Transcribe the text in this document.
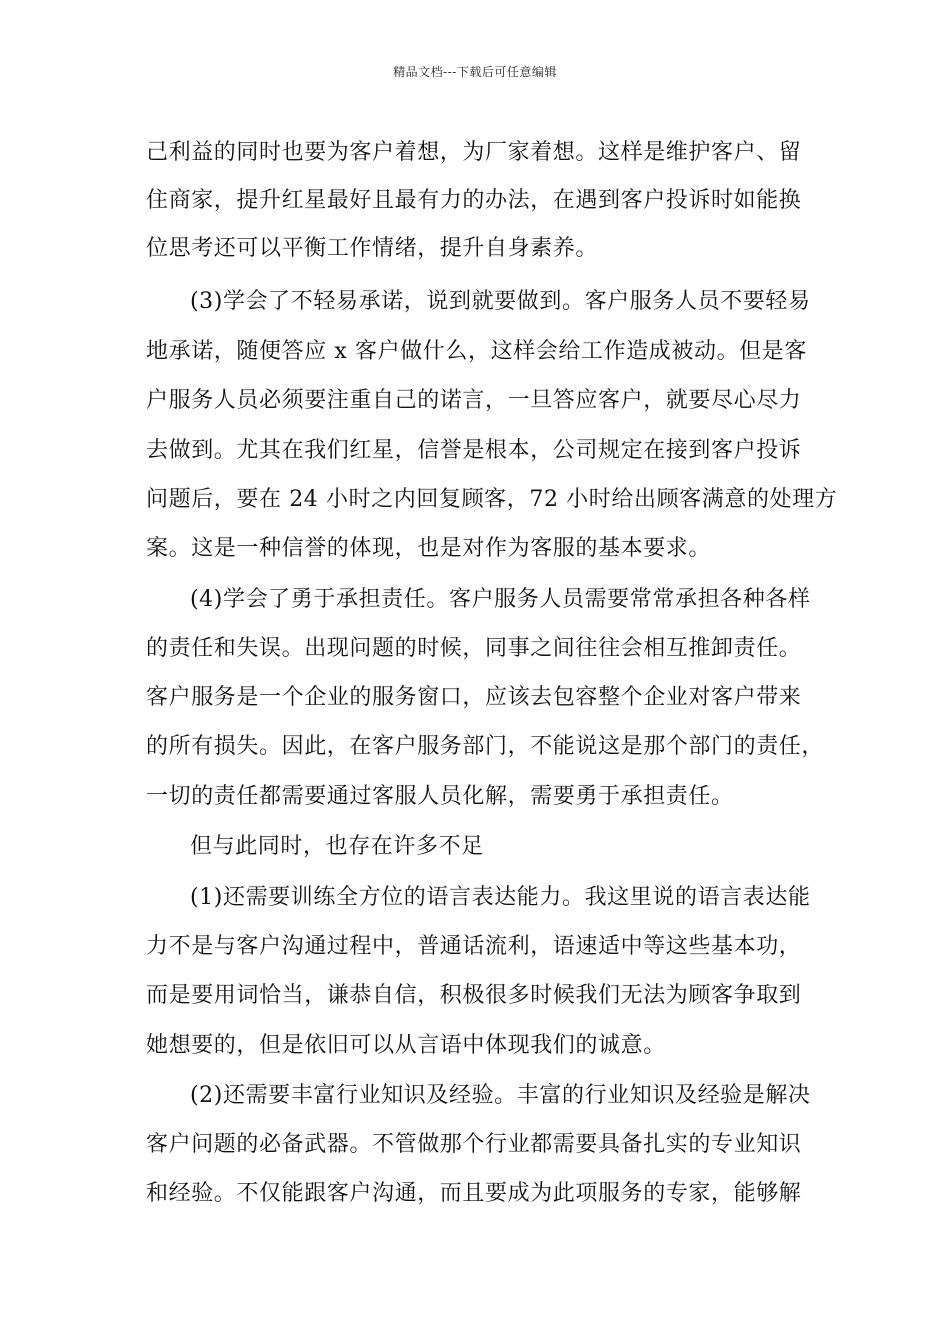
精品文档---下载后可任意编辑
己利益的同时也要为客户着想，为厂家着想。这样是维护客户、留
住商家，提升红星最好且最有力的办法，在遇到客户投诉时如能换
位思考还可以平衡工作情绪，提升自身素养。
(3)学会了不轻易承诺，说到就要做到。客户服务人员不要轻易
地承诺，随便答应 x 客户做什么，这样会给工作造成被动。但是客
户服务人员必须要注重自己的诺言，一旦答应客户，就要尽心尽力
去做到。尤其在我们红星，信誉是根本，公司规定在接到客户投诉
问题后，要在 24 小时之内回复顾客，72 小时给出顾客满意的处理方
案。这是一种信誉的体现，也是对作为客服的基本要求。
(4)学会了勇于承担责任。客户服务人员需要常常承担各种各样
的责任和失误。出现问题的时候，同事之间往往会相互推卸责任。
客户服务是一个企业的服务窗口，应该去包容整个企业对客户带来
的所有损失。因此，在客户服务部门，不能说这是那个部门的责任，
一切的责任都需要通过客服人员化解，需要勇于承担责任。
但与此同时，也存在许多不足
(1)还需要训练全方位的语言表达能力。我这里说的语言表达能
力不是与客户沟通过程中，普通话流利，语速适中等这些基本功，
而是要用词恰当，谦恭自信，积极很多时候我们无法为顾客争取到
她想要的，但是依旧可以从言语中体现我们的诚意。
(2)还需要丰富行业知识及经验。丰富的行业知识及经验是解决
客户问题的必备武器。不管做那个行业都需要具备扎实的专业知识
和经验。不仅能跟客户沟通，而且要成为此项服务的专家，能够解
